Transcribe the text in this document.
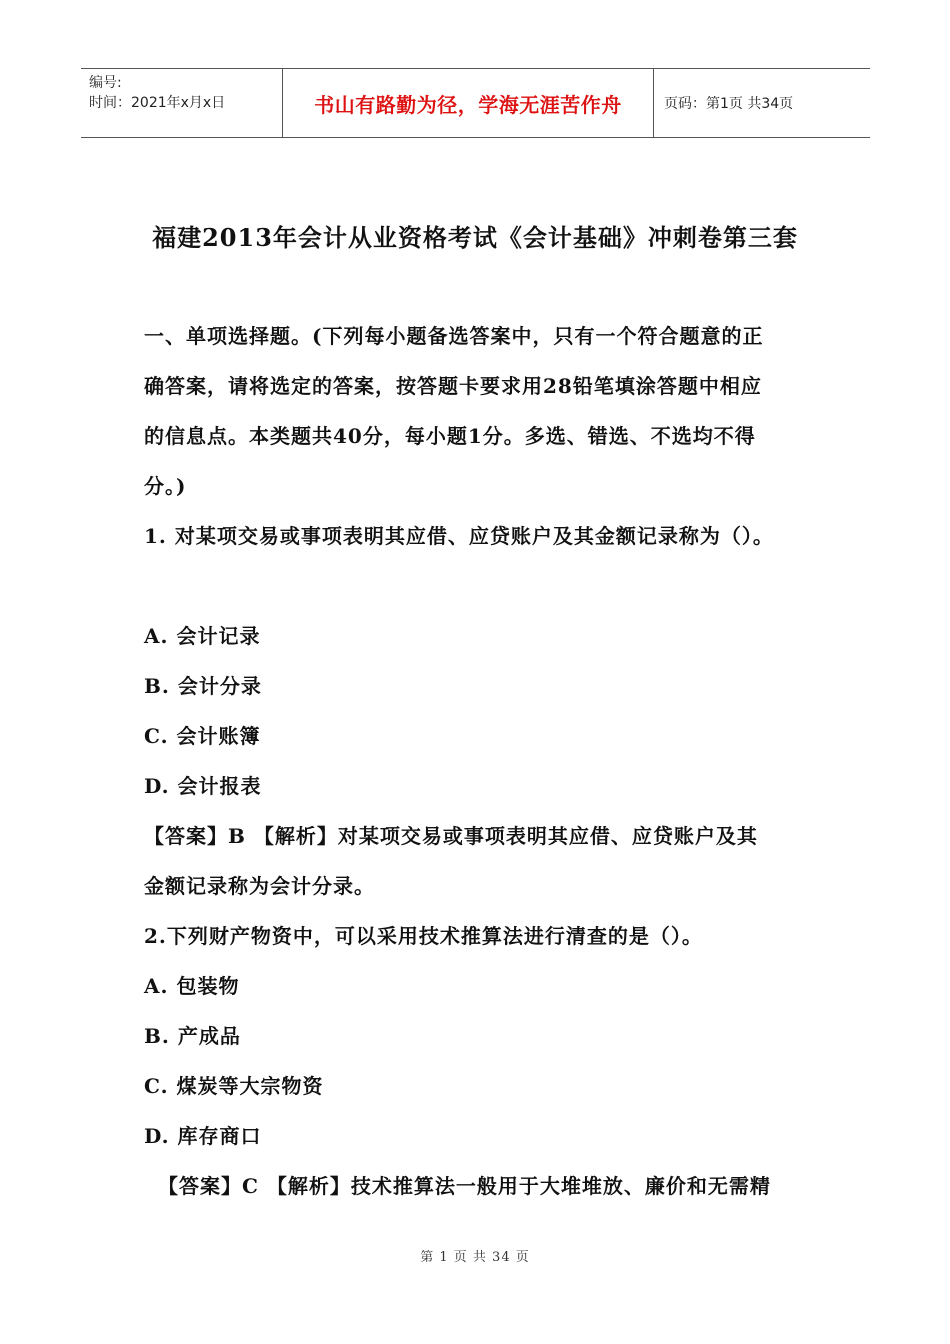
编号:
时间：2021年x月x日	书山有路勤为径，学海无涯苦作舟	页码：第1页 共34页
福建2013年会计从业资格考试《会计基础》冲刺卷第三套
一、单项选择题。(下列每小题备选答案中，只有一个符合题意的正
确答案，请将选定的答案，按答题卡要求用28铅笔填涂答题中相应
的信息点。本类题共40分，每小题1分。多选、错选、不选均不得
分。)
1. 对某项交易或事项表明其应借、应贷账户及其金额记录称为（）。
A. 会计记录
B. 会计分录
C. 会计账簿
D. 会计报表
【答案】B 【解析】对某项交易或事项表明其应借、应贷账户及其
金额记录称为会计分录。
2.下列财产物资中，可以采用技术推算法进行清查的是（）。
A. 包装物
B. 产成品
C. 煤炭等大宗物资
D. 库存商口
【答案】C 【解析】技术推算法一般用于大堆堆放、廉价和无需精
第 1 页 共 34 页
